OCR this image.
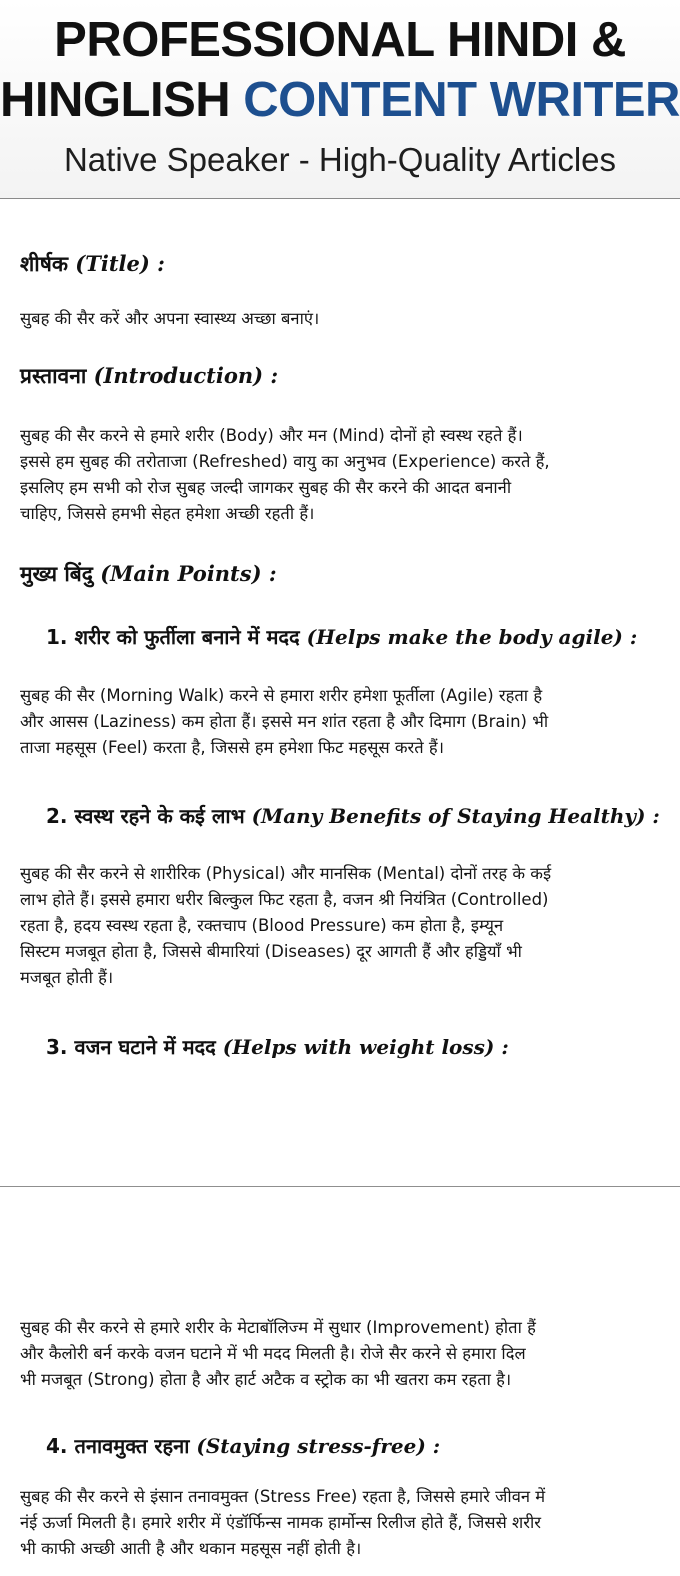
PROFESSIONAL HINDI &
HINGLISH CONTENT WRITER
Native Speaker - High-Quality Articles
शीर्षक (Title) :
सुबह की सैर करें और अपना स्वास्थ्य अच्छा बनाएं।
प्रस्तावना (Introduction) :
सुबह की सैर करने से हमारे शरीर (Body) और मन (Mind) दोनों हो स्वस्थ रहते हैं।
इससे हम सुबह की तरोताजा (Refreshed) वायु का अनुभव (Experience) करते हैं,
इसलिए हम सभी को रोज सुबह जल्दी जागकर सुबह की सैर करने की आदत बनानी
चाहिए, जिससे हमभी सेहत हमेशा अच्छी रहती हैं।
मुख्य बिंदु (Main Points) :
1. शरीर को फुर्तीला बनाने में मदद (Helps make the body agile) :
सुबह की सैर (Morning Walk) करने से हमारा शरीर हमेशा फूर्तीला (Agile) रहता है
और आसस (Laziness) कम होता हैं। इससे मन शांत रहता है और दिमाग (Brain) भी
ताजा महसूस (Feel) करता है, जिससे हम हमेशा फिट महसूस करते हैं।
2. स्वस्थ रहने के कई लाभ (Many Benefits of Staying Healthy) :
सुबह की सैर करने से शारीरिक (Physical) और मानसिक (Mental) दोनों तरह के कई
लाभ होते हैं। इससे हमारा धरीर बिल्कुल फिट रहता है, वजन श्री नियंत्रित (Controlled)
रहता है, हदय स्वस्थ रहता है, रक्तचाप (Blood Pressure) कम होता है, इम्यून
सिस्टम मजबूत होता है, जिससे बीमारियां (Diseases) दूर आगती हैं और हड्डियाँ भी
मजबूत होती हैं।
3. वजन घटाने में मदद (Helps with weight loss) :
सुबह की सैर करने से हमारे शरीर के मेटाबॉलिज्म में सुधार (Improvement) होता हैं
और कैलोरी बर्न करके वजन घटाने में भी मदद मिलती है। रोजे सैर करने से हमारा दिल
भी मजबूत (Strong) होता है और हार्ट अटैक व स्ट्रोक का भी खतरा कम रहता है।
4. तनावमुक्त रहना (Staying stress-free) :
सुबह की सैर करने से इंसान तनावमुक्त (Stress Free) रहता है, जिससे हमारे जीवन में
नंई ऊर्जा मिलती है। हमारे शरीर में एंडॉर्फिन्स नामक हार्मोन्स रिलीज होते हैं, जिससे शरीर
भी काफी अच्छी आती है और थकान महसूस नहीं होती है।
